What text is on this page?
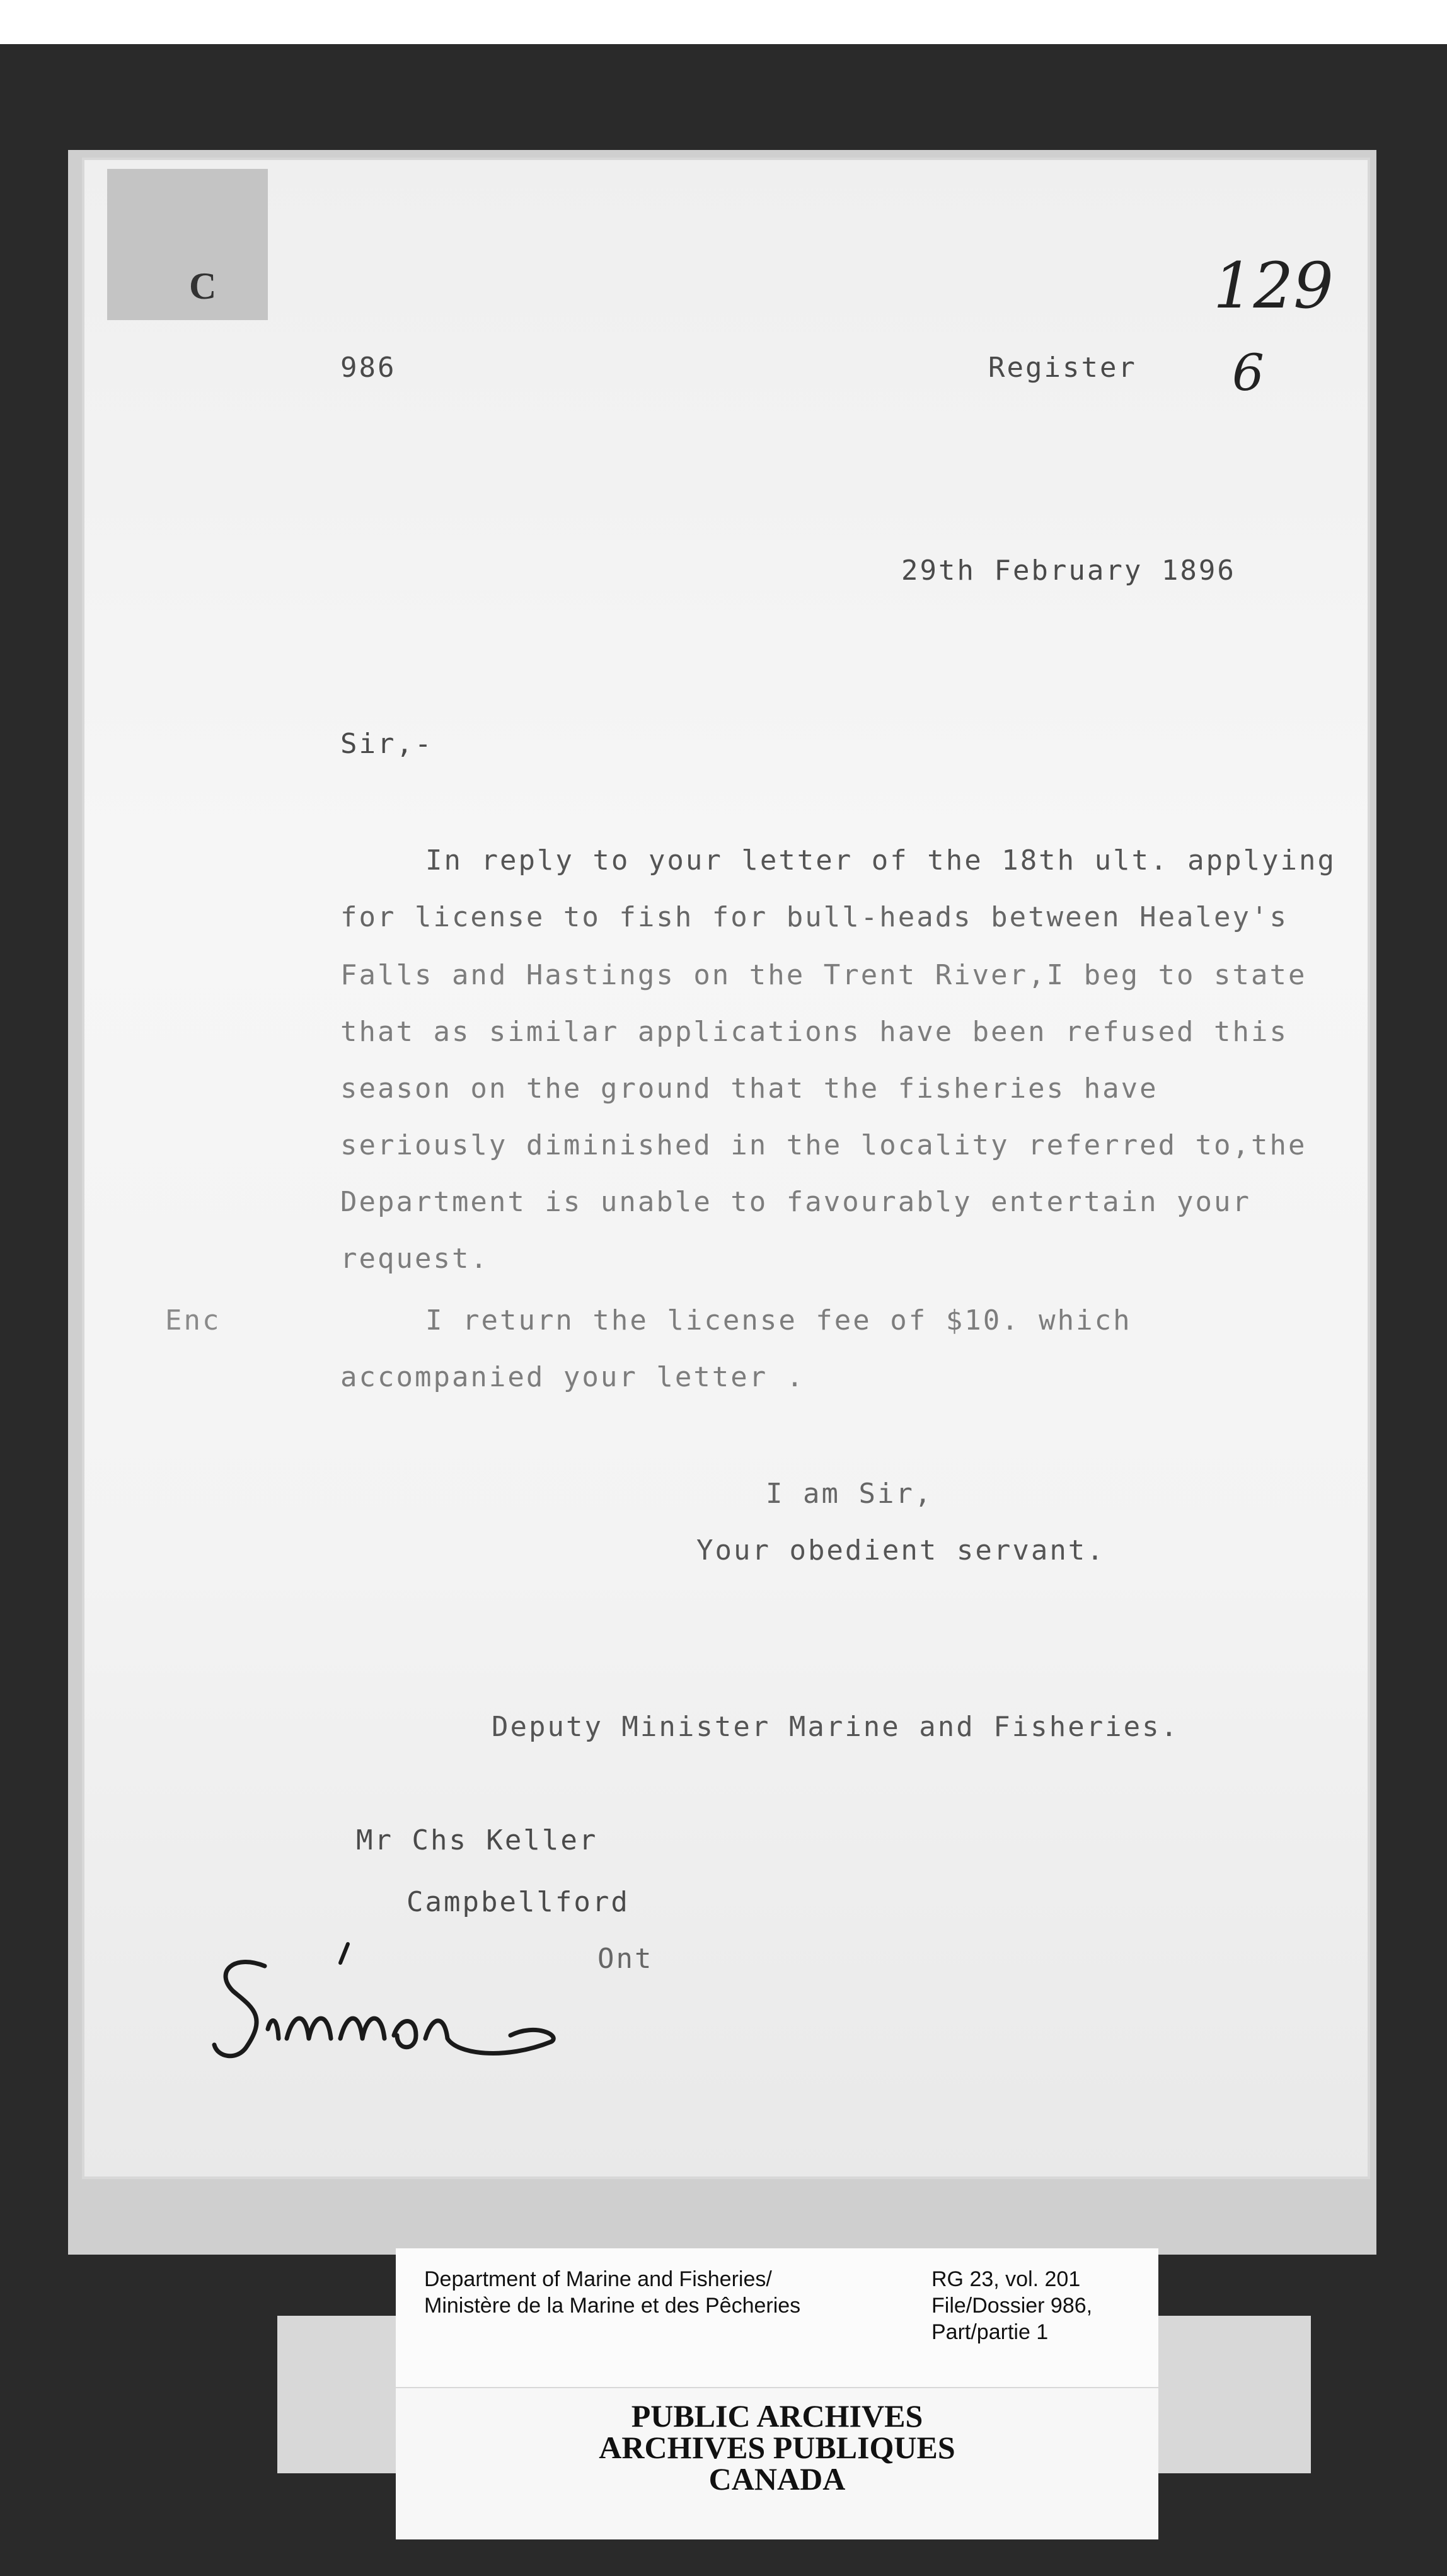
C
986	Register
129
6
29th February 1896
Sir,-
In reply to your letter of the 18th ult. applying
for license to fish for bull-heads between Healey's
Falls and Hastings on the Trent River,I beg to state
that as similar applications have been refused this
season on the ground that the fisheries have
seriously diminished in the locality referred to,the
Department is unable to favourably entertain your
request.
Enc	I return the license fee of $10. which
accompanied your letter .
I am Sir,
Your obedient servant.
Deputy Minister Marine and Fisheries.
Mr Chs Keller
Campbellford
Ont
Department of Marine and Fisheries/
Ministère de la Marine et des Pêcheries
RG 23, vol. 201
File/Dossier 986,
Part/partie 1
PUBLIC ARCHIVES
ARCHIVES PUBLIQUES
CANADA
